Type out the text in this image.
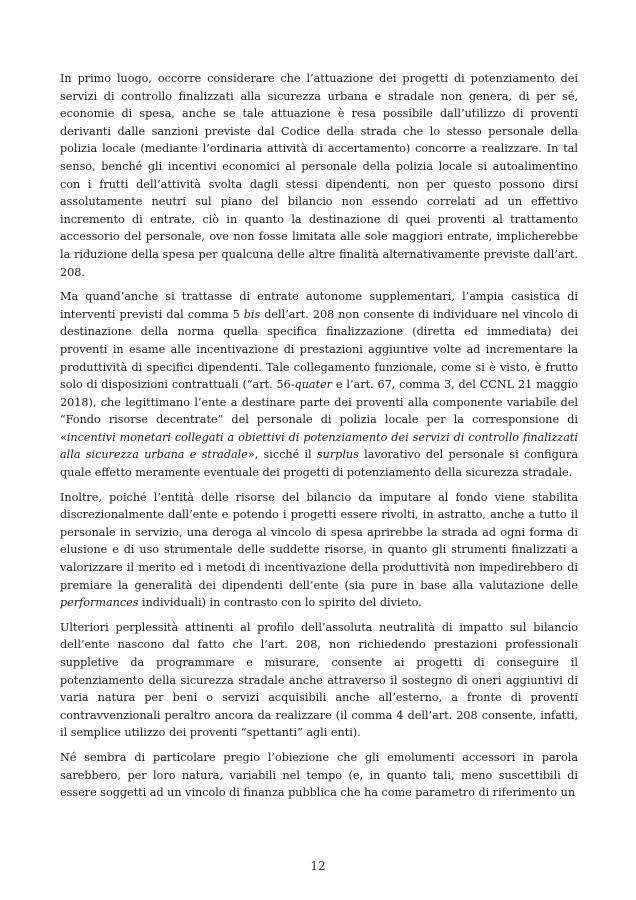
In primo luogo, occorre considerare che l’attuazione dei progetti di potenziamento dei servizi di controllo finalizzati alla sicurezza urbana e stradale non genera, di per sé, economie di spesa, anche se tale attuazione è resa possibile dall’utilizzo di proventi derivanti dalle sanzioni previste dal Codice della strada che lo stesso personale della polizia locale (mediante l’ordinaria attività di accertamento) concorre a realizzare. In tal senso, benché gli incentivi economici al personale della polizia locale si autoalimentino con i frutti dell’attività svolta dagli stessi dipendenti, non per questo possono dirsi assolutamente neutri sul piano del bilancio non essendo correlati ad un effettivo incremento di entrate, ciò in quanto la destinazione di quei proventi al trattamento accessorio del personale, ove non fosse limitata alle sole maggiori entrate, implicherebbe la riduzione della spesa per qualcuna delle altre finalità alternativamente previste dall’art. 208.

Ma quand’anche si trattasse di entrate autonome supplementari, l’ampia casistica di interventi previsti dal comma 5 bis dell’art. 208 non consente di individuare nel vincolo di destinazione della norma quella specifica finalizzazione (diretta ed immediata) dei proventi in esame alle incentivazione di prestazioni aggiuntive volte ad incrementare la produttività di specifici dipendenti. Tale collegamento funzionale, come si è visto, è frutto solo di disposizioni contrattuali (“art. 56-quater e l’art. 67, comma 3, del CCNL 21 maggio 2018), che legittimano l’ente a destinare parte dei proventi alla componente variabile del “Fondo risorse decentrate” del personale di polizia locale per la corresponsione di «incentivi monetari collegati a obiettivi di potenziamento dei servizi di controllo finalizzati alla sicurezza urbana e stradale», sicché il surplus lavorativo del personale si configura quale effetto meramente eventuale dei progetti di potenziamento della sicurezza stradale.

Inoltre, poiché l’entità delle risorse del bilancio da imputare al fondo viene stabilita discrezionalmente dall’ente e potendo i progetti essere rivolti, in astratto, anche a tutto il personale in servizio, una deroga al vincolo di spesa aprirebbe la strada ad ogni forma di elusione e di uso strumentale delle suddette risorse, in quanto gli strumenti finalizzati a valorizzare il merito ed i metodi di incentivazione della produttività non impedirebbero di premiare la generalità dei dipendenti dell’ente (sia pure in base alla valutazione delle performances individuali) in contrasto con lo spirito del divieto.

Ulteriori perplessità attinenti al profilo dell’assoluta neutralità di impatto sul bilancio dell’ente nascono dal fatto che l’art. 208, non richiedendo prestazioni professionali suppletive da programmare e misurare, consente ai progetti di conseguire il potenziamento della sicurezza stradale anche attraverso il sostegno di oneri aggiuntivi di varia natura per beni o servizi acquisibili anche all’esterno, a fronte di proventi contravvenzionali peraltro ancora da realizzare (il comma 4 dell’art. 208 consente, infatti, il semplice utilizzo dei proventi “spettanti” agli enti).

Né sembra di particolare pregio l’obiezione che gli emolumenti accessori in parola sarebbero, per loro natura, variabili nel tempo (e, in quanto tali, meno suscettibili di essere soggetti ad un vincolo di finanza pubblica che ha come parametro di riferimento un

12
